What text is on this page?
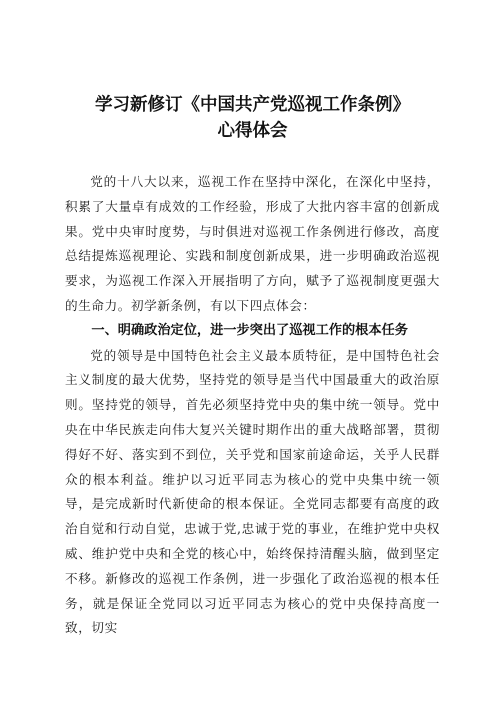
学习新修订《中国共产党巡视工作条例》
心得体会

党的十八大以来，巡视工作在坚持中深化，在深化中坚持，积累了大量卓有成效的工作经验，形成了大批内容丰富的创新成果。党中央审时度势，与时俱进对巡视工作条例进行修改，高度总结提炼巡视理论、实践和制度创新成果，进一步明确政治巡视要求，为巡视工作深入开展指明了方向，赋予了巡视制度更强大的生命力。初学新条例，有以下四点体会：

一、明确政治定位，进一步突出了巡视工作的根本任务

党的领导是中国特色社会主义最本质特征，是中国特色社会主义制度的最大优势，坚持党的领导是当代中国最重大的政治原则。坚持党的领导，首先必须坚持党中央的集中统一领导。党中央在中华民族走向伟大复兴关键时期作出的重大战略部署，贯彻得好不好、落实到不到位，关乎党和国家前途命运，关乎人民群众的根本利益。维护以习近平同志为核心的党中央集中统一领导，是完成新时代新使命的根本保证。全党同志都要有高度的政治自觉和行动自觉，忠诚于党,忠诚于党的事业，在维护党中央权威、维护党中央和全党的核心中，始终保持清醒头脑，做到坚定不移。新修改的巡视工作条例，进一步强化了政治巡视的根本任务，就是保证全党同以习近平同志为核心的党中央保持高度一致，切实
